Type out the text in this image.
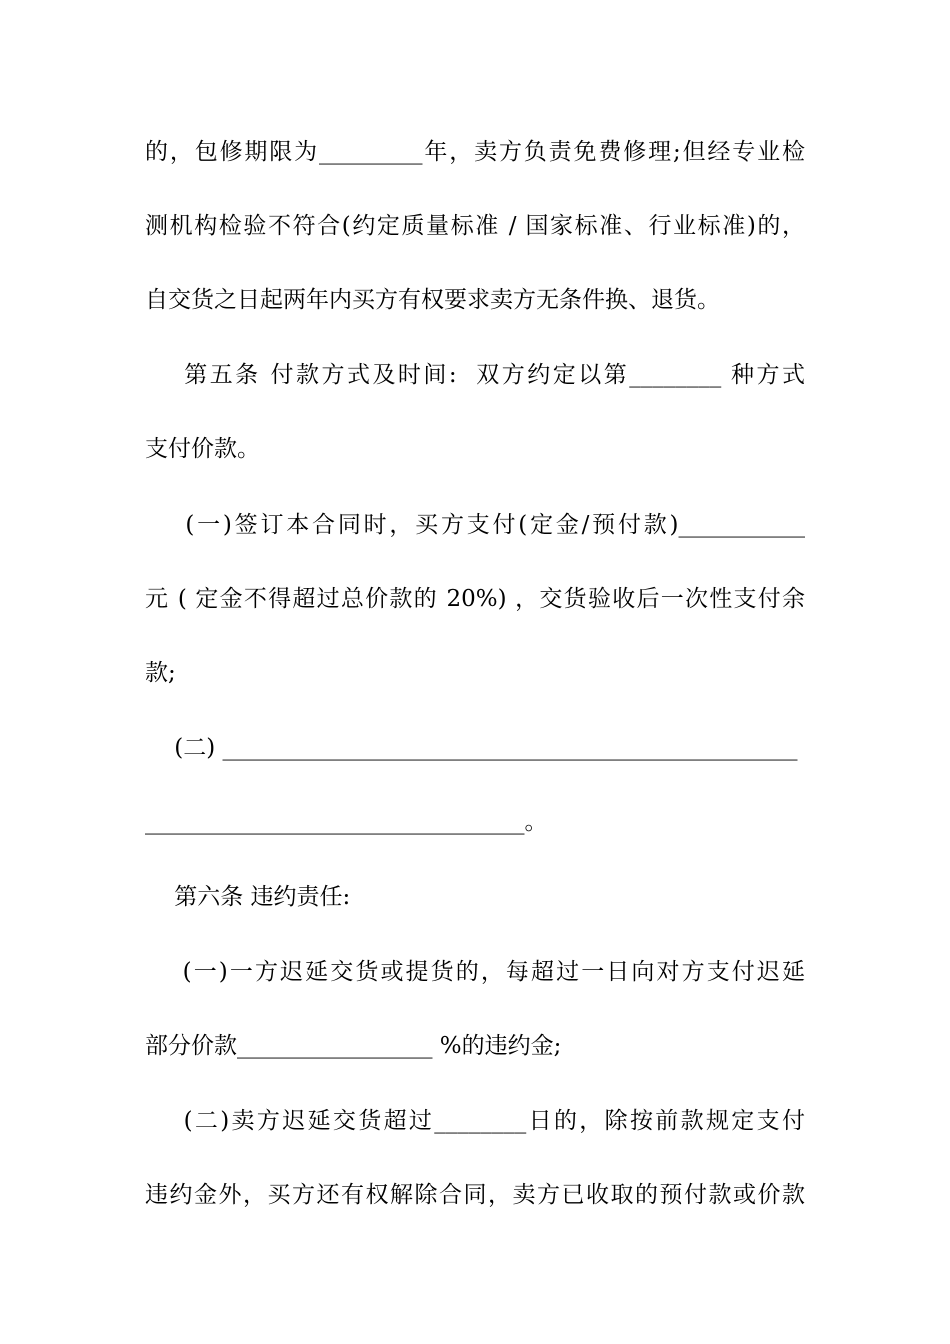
的，包修期限为_________年，卖方负责免费修理;但经专业检
测机构检验不符合(约定质量标准 / 国家标准、行业标准)的，
自交货之日起两年内买方有权要求卖方无条件换、退货。
第五条 付款方式及时间:  双方约定以第________ 种方式
支付价款。
(一)签订本合同时，买方支付(定金/预付款)___________
元 ( 定金不得超过总价款的 20%) ，交货验收后一次性支付余
款;
(二) __________________________________________________
_________________________________。
第六条 违约责任:
(一)一方迟延交货或提货的，每超过一日向对方支付迟延
部分价款_________________ %的违约金;
(二)卖方迟延交货超过________日的，除按前款规定支付
违约金外，买方还有权解除合同，卖方已收取的预付款或价款
